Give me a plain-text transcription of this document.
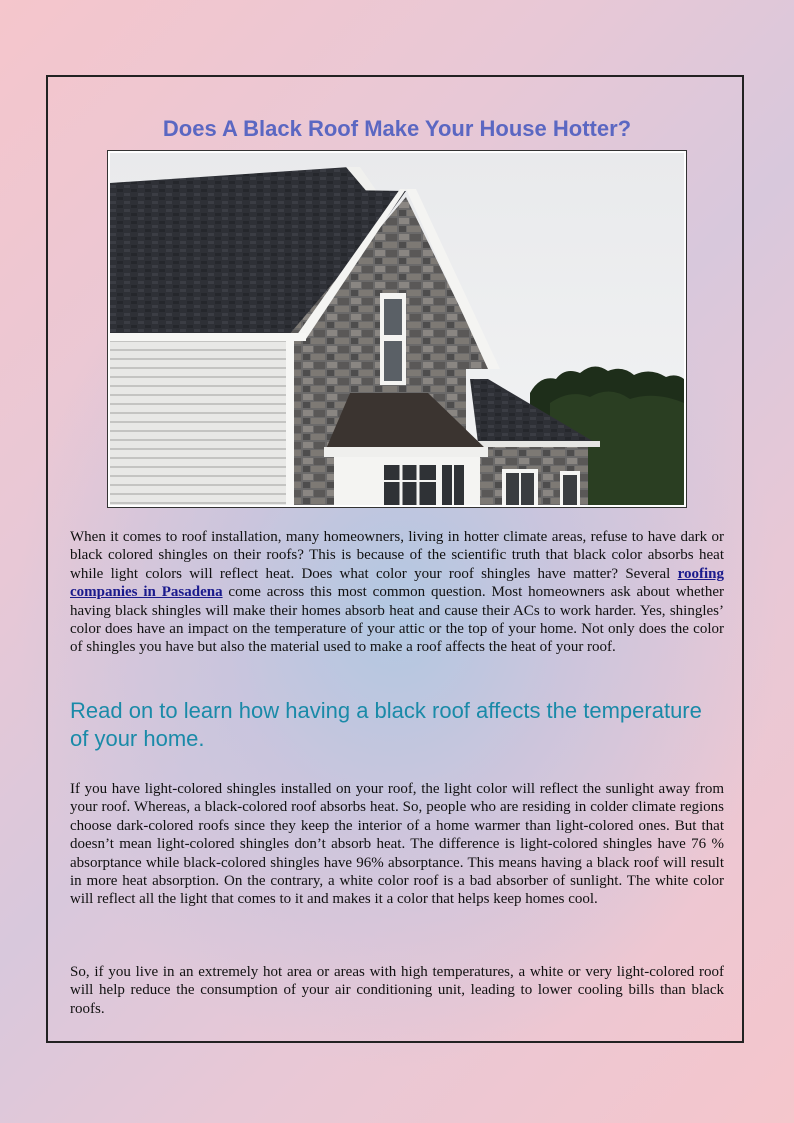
Does A Black Roof Make Your House Hotter?

When it comes to roof installation, many homeowners, living in hotter climate areas, refuse to have dark or black colored shingles on their roofs? This is because of the scientific truth that black color absorbs heat while light colors will reflect heat. Does what color your roof shingles have matter? Several roofing companies in Pasadena come across this most common question. Most homeowners ask about whether having black shingles will make their homes absorb heat and cause their ACs to work harder. Yes, shingles’ color does have an impact on the temperature of your attic or the top of your home. Not only does the color of shingles you have but also the material used to make a roof affects the heat of your roof.

Read on to learn how having a black roof affects the temperature of your home.

If you have light-colored shingles installed on your roof, the light color will reflect the sunlight away from your roof. Whereas, a black-colored roof absorbs heat. So, people who are residing in colder climate regions choose dark-colored roofs since they keep the interior of a home warmer than light-colored ones. But that doesn’t mean light-colored shingles don’t absorb heat. The difference is light-colored shingles have 76 % absorptance while black-colored shingles have 96% absorptance. This means having a black roof will result in more heat absorption. On the contrary, a white color roof is a bad absorber of sunlight. The white color will reflect all the light that comes to it and makes it a color that helps keep homes cool.

So, if you live in an extremely hot area or areas with high temperatures, a white or very light-colored roof will help reduce the consumption of your air conditioning unit, leading to lower cooling bills than black roofs.
